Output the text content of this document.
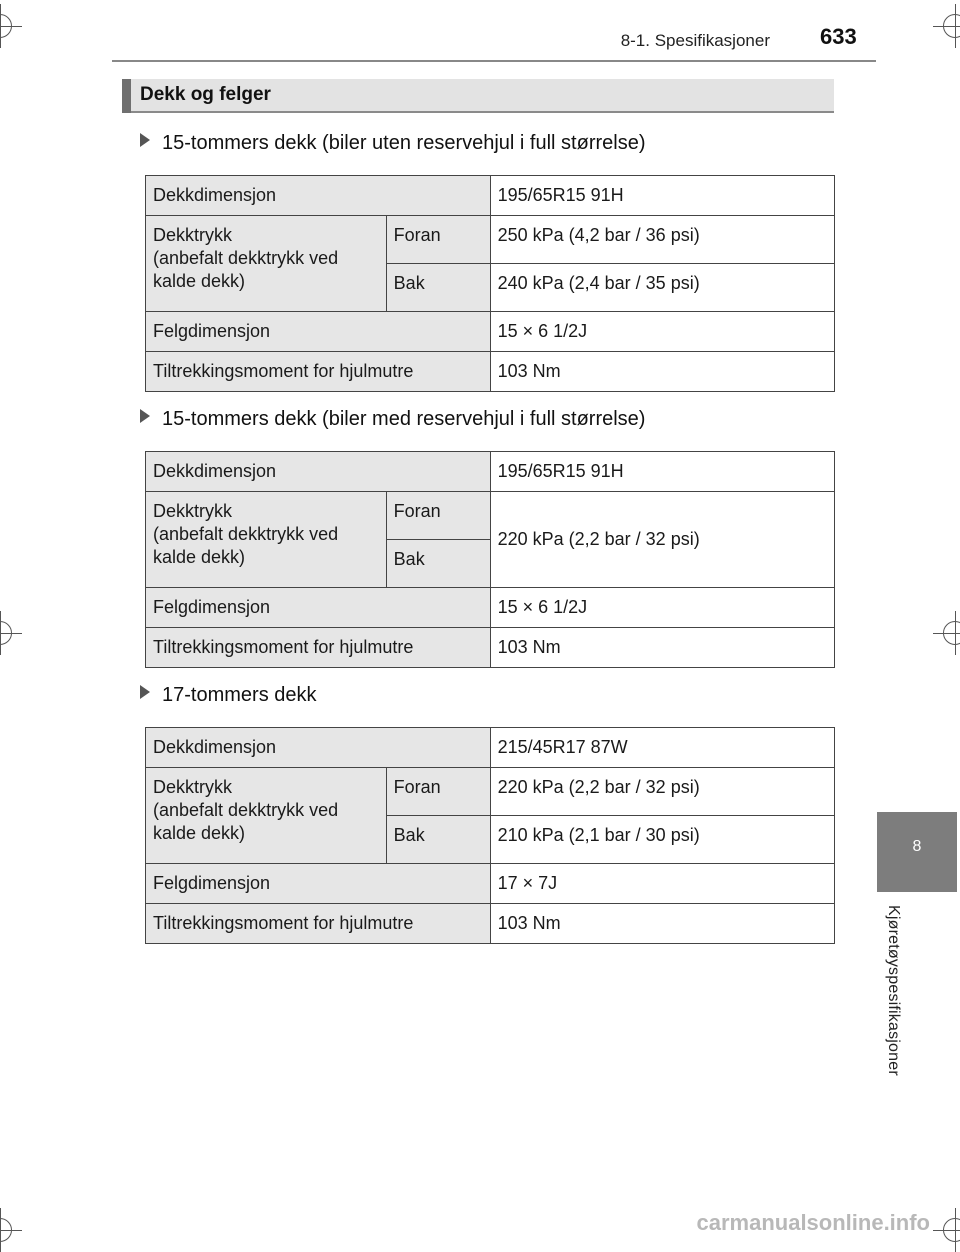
8-1. Spesifikasjoner 633
Dekk og felger
15-tommers dekk (biler uten reservehjul i full størrelse)
Dekkdimensjon		195/65R15 91H
Dekktrykk
(anbefalt dekktrykk ved
kalde dekk)	Foran	250 kPa (4,2 bar / 36 psi)
	Bak	240 kPa (2,4 bar / 35 psi)
Felgdimensjon		15 × 6 1/2J
Tiltrekkingsmoment for hjulmutre		103 Nm
15-tommers dekk (biler med reservehjul i full størrelse)
Dekkdimensjon		195/65R15 91H
Dekktrykk
(anbefalt dekktrykk ved
kalde dekk)	Foran	220 kPa (2,2 bar / 32 psi)
	Bak	
Felgdimensjon		15 × 6 1/2J
Tiltrekkingsmoment for hjulmutre		103 Nm
17-tommers dekk
Dekkdimensjon		215/45R17 87W
Dekktrykk
(anbefalt dekktrykk ved
kalde dekk)	Foran	220 kPa (2,2 bar / 32 psi)
	Bak	210 kPa (2,1 bar / 30 psi)
Felgdimensjon		17 × 7J
Tiltrekkingsmoment for hjulmutre		103 Nm
8
Kjøretøyspesifikasjoner
carmanualsonline.info
